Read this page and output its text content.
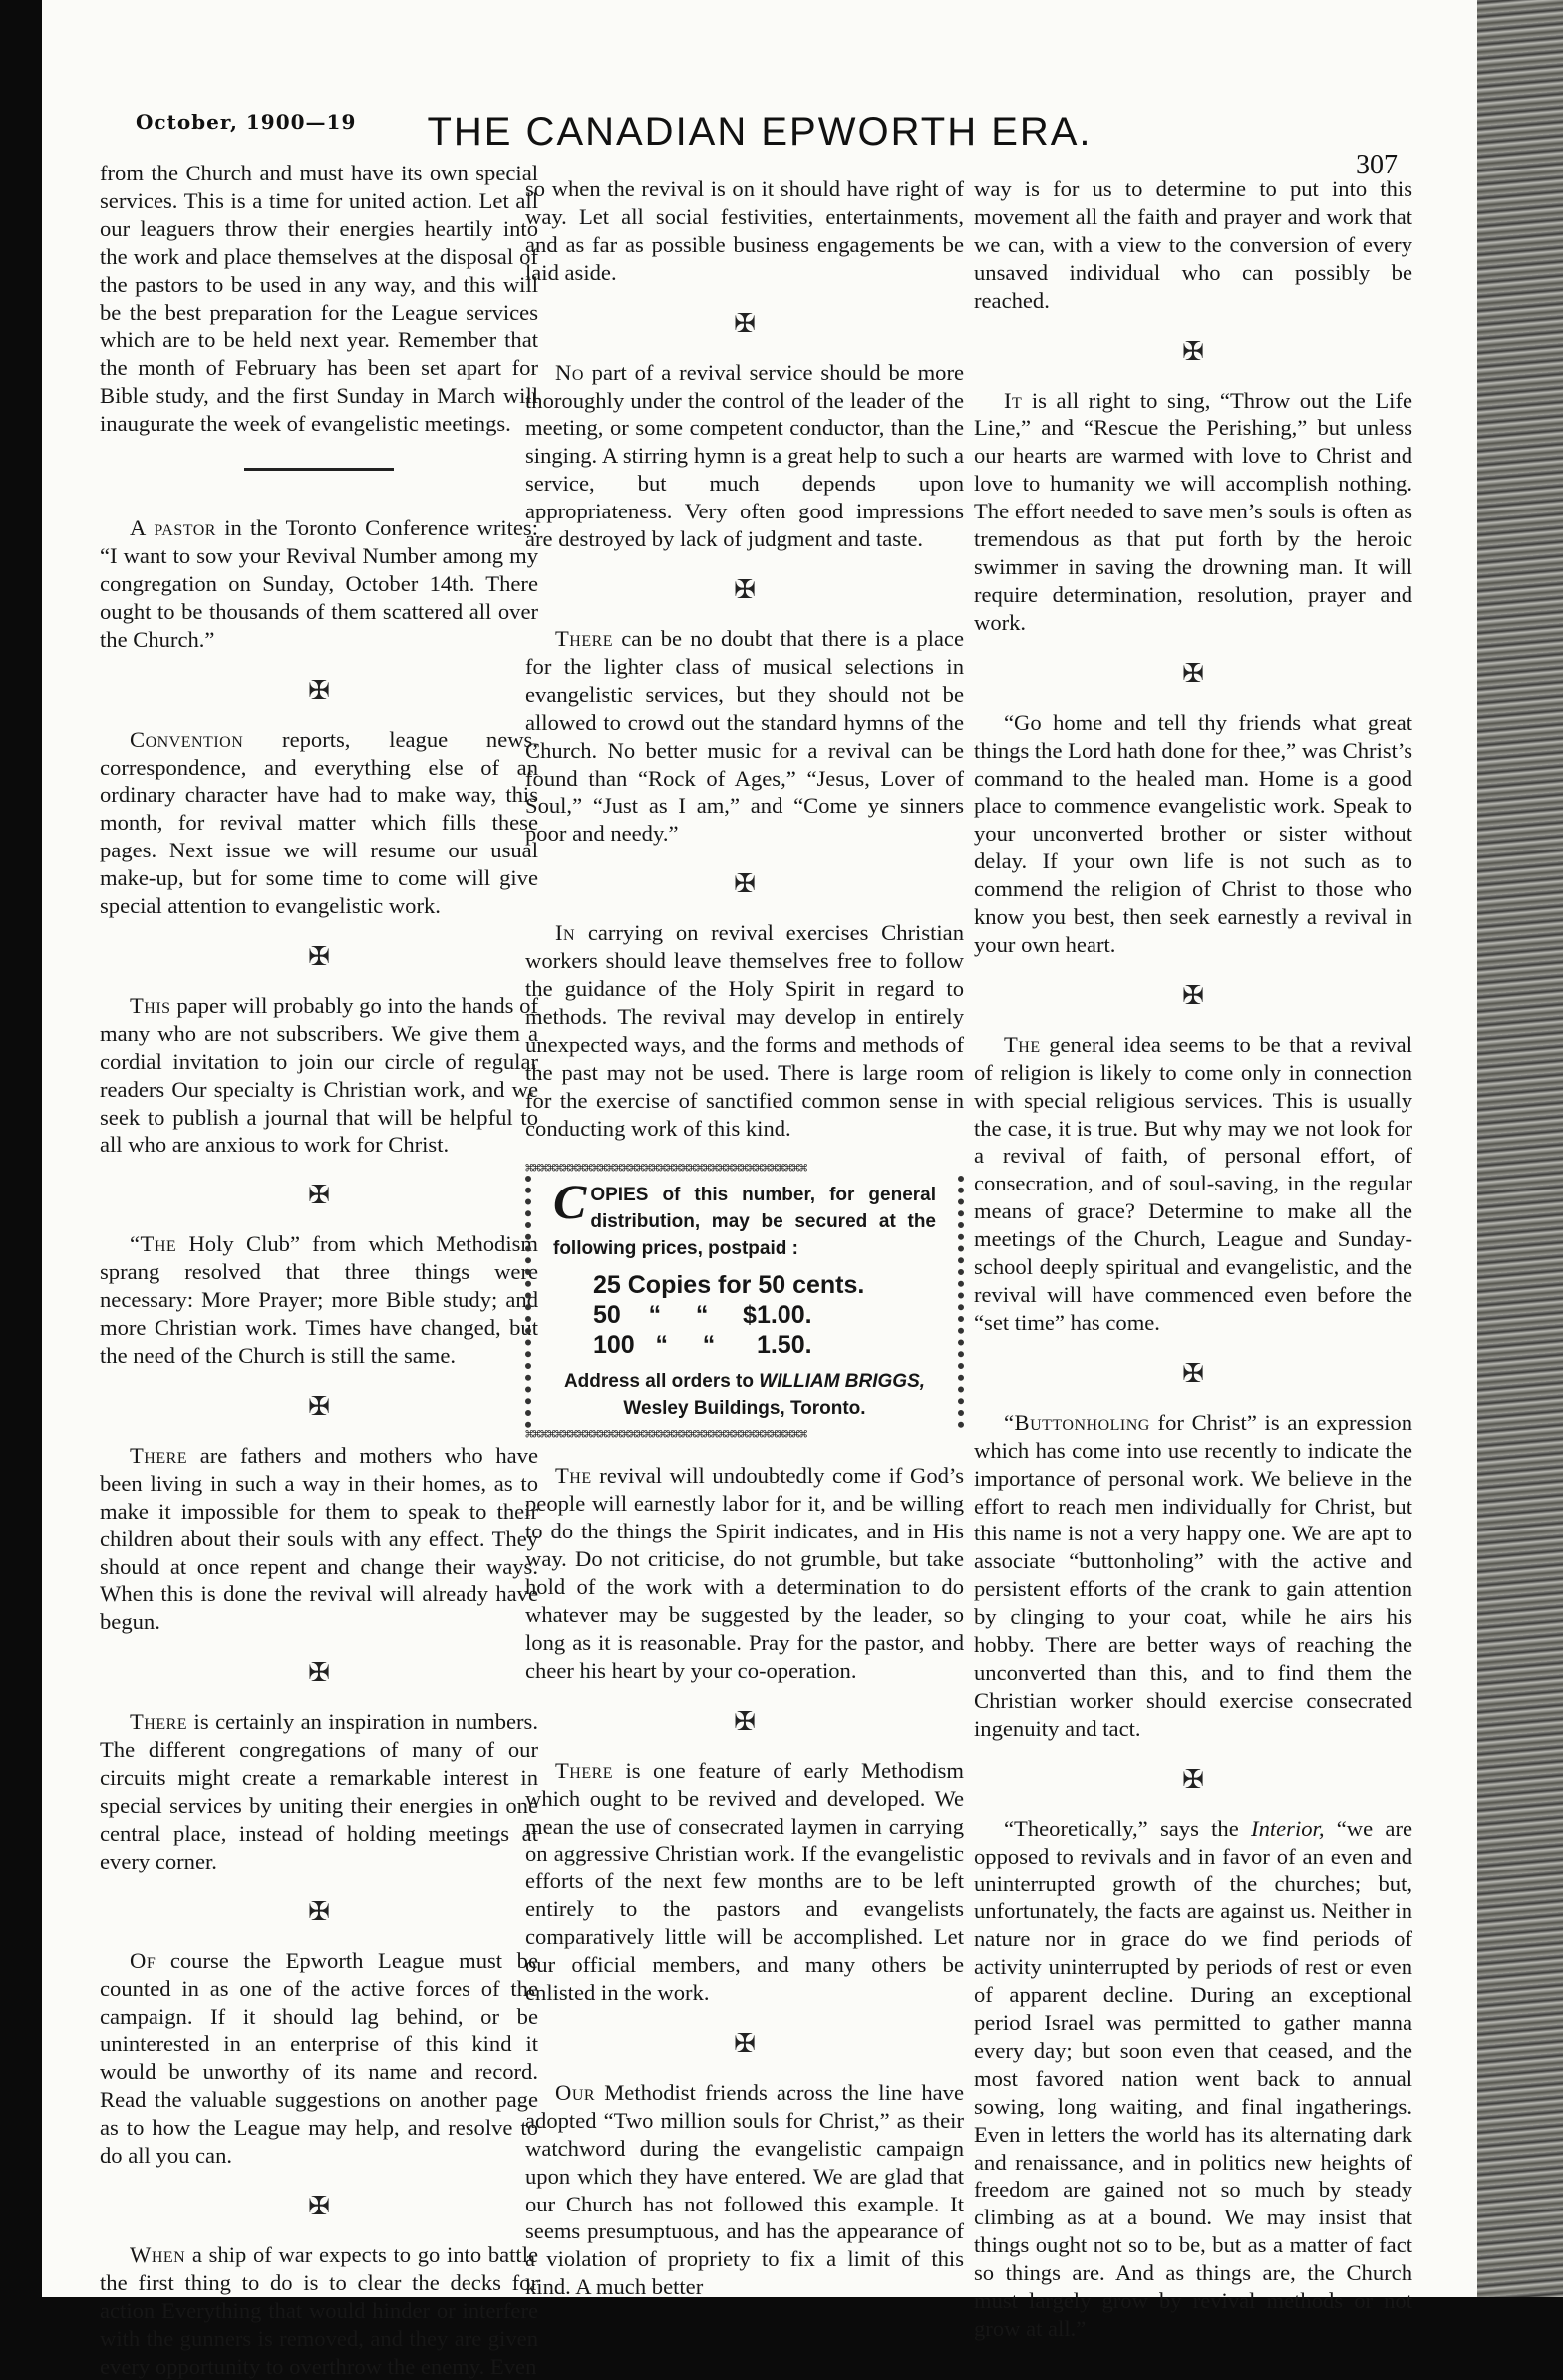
October, 1900—19	THE CANADIAN EPWORTH ERA.
307

from the Church and must have its own special services. This is a time for united action. Let all our leaguers throw their energies heartily into the work and place themselves at the disposal of the pastors to be used in any way, and this will be the best preparation for the League services which are to be held next year. Remember that the month of February has been set apart for Bible study, and the first Sunday in March will inaugurate the week of evangelistic meetings.

A pastor in the Toronto Conference writes: “I want to sow your Revival Number among my congregation on Sunday, October 14th. There ought to be thousands of them scattered all over the Church.”

✠

Convention reports, league news, correspondence, and everything else of an ordinary character have had to make way, this month, for revival matter which fills these pages. Next issue we will resume our usual make-up, but for some time to come will give special attention to evangelistic work.

✠

This paper will probably go into the hands of many who are not subscribers. We give them a cordial invitation to join our circle of regular readers Our specialty is Christian work, and we seek to publish a journal that will be helpful to all who are anxious to work for Christ.

✠

“The Holy Club” from which Methodism sprang resolved that three things were necessary: More Prayer; more Bible study; and more Christian work. Times have changed, but the need of the Church is still the same.

✠

There are fathers and mothers who have been living in such a way in their homes, as to make it impossible for them to speak to their children about their souls with any effect. They should at once repent and change their ways. When this is done the revival will already have begun.

✠

There is certainly an inspiration in numbers. The different congregations of many of our circuits might create a remarkable interest in special services by uniting their energies in one central place, instead of holding meetings at every corner.

✠

Of course the Epworth League must be counted in as one of the active forces of the campaign. If it should lag behind, or be uninterested in an enterprise of this kind it would be unworthy of its name and record. Read the valuable suggestions on another page as to how the League may help, and resolve to do all you can.

✠

When a ship of war expects to go into battle the first thing to do is to clear the decks for action Everything that would hinder or interfere with the gunners is removed, and they are given every opportunity to overthrow the enemy. Even

so when the revival is on it should have right of way. Let all social festivities, entertainments, and as far as possible business engagements be laid aside.

✠

No part of a revival service should be more thoroughly under the control of the leader of the meeting, or some competent conductor, than the singing. A stirring hymn is a great help to such a service, but much depends upon appropriateness. Very often good impressions are destroyed by lack of judgment and taste.

✠

There can be no doubt that there is a place for the lighter class of musical selections in evangelistic services, but they should not be allowed to crowd out the standard hymns of the Church. No better music for a revival can be found than “Rock of Ages,” “Jesus, Lover of Soul,” “Just as I am,” and “Come ye sinners poor and needy.”

✠

In carrying on revival exercises Christian workers should leave themselves free to follow the guidance of the Holy Spirit in regard to methods. The revival may develop in entirely unexpected ways, and the forms and methods of the past may not be used. There is large room for the exercise of sanctified common sense in conducting work of this kind.

⌘⌘⌘⌘⌘⌘⌘⌘⌘⌘⌘⌘⌘⌘⌘⌘⌘⌘⌘⌘⌘⌘⌘⌘⌘⌘⌘⌘⌘⌘⌘⌘⌘⌘⌘⌘⌘⌘
COPIES of this number, for general distribution, may be secured at the following prices, postpaid :
25 Copies for 50 cents.
50    “     “     $1.00.
100   “     “      1.50.
Address all orders to WILLIAM BRIGGS,
Wesley Buildings, Toronto.
⌘⌘⌘⌘⌘⌘⌘⌘⌘⌘⌘⌘⌘⌘⌘⌘⌘⌘⌘⌘⌘⌘⌘⌘⌘⌘⌘⌘⌘⌘⌘⌘⌘⌘⌘⌘⌘⌘

The revival will undoubtedly come if God’s people will earnestly labor for it, and be willing to do the things the Spirit indicates, and in His way. Do not criticise, do not grumble, but take hold of the work with a determination to do whatever may be suggested by the leader, so long as it is reasonable. Pray for the pastor, and cheer his heart by your co-operation.

✠

There is one feature of early Methodism which ought to be revived and developed. We mean the use of consecrated laymen in carrying on aggressive Christian work. If the evangelistic efforts of the next few months are to be left entirely to the pastors and evangelists comparatively little will be accomplished. Let our official members, and many others be enlisted in the work.

✠

Our Methodist friends across the line have adopted “Two million souls for Christ,” as their watchword during the evangelistic campaign upon which they have entered. We are glad that our Church has not followed this example. It seems presumptuous, and has the appearance of a violation of propriety to fix a limit of this kind. A much better

way is for us to determine to put into this movement all the faith and prayer and work that we can, with a view to the conversion of every unsaved individual who can possibly be reached.

✠

It is all right to sing, “Throw out the Life Line,” and “Rescue the Perishing,” but unless our hearts are warmed with love to Christ and love to humanity we will accomplish nothing. The effort needed to save men’s souls is often as tremendous as that put forth by the heroic swimmer in saving the drowning man. It will require determination, resolution, prayer and work.

✠

“Go home and tell thy friends what great things the Lord hath done for thee,” was Christ’s command to the healed man. Home is a good place to commence evangelistic work. Speak to your unconverted brother or sister without delay. If your own life is not such as to commend the religion of Christ to those who know you best, then seek earnestly a revival in your own heart.

✠

The general idea seems to be that a revival of religion is likely to come only in connection with special religious services. This is usually the case, it is true. But why may we not look for a revival of faith, of personal effort, of consecration, and of soul-saving, in the regular means of grace? Determine to make all the meetings of the Church, League and Sunday-school deeply spiritual and evangelistic, and the revival will have commenced even before the “set time” has come.

✠

“Buttonholing for Christ” is an expression which has come into use recently to indicate the importance of personal work. We believe in the effort to reach men individually for Christ, but this name is not a very happy one. We are apt to associate “buttonholing” with the active and persistent efforts of the crank to gain attention by clinging to your coat, while he airs his hobby. There are better ways of reaching the unconverted than this, and to find them the Christian worker should exercise consecrated ingenuity and tact.

✠

“Theoretically,” says the Interior, “we are opposed to revivals and in favor of an even and uninterrupted growth of the churches; but, unfortunately, the facts are against us. Neither in nature nor in grace do we find periods of activity uninterrupted by periods of rest or even of apparent decline. During an exceptional period Israel was permitted to gather manna every day; but soon even that ceased, and the most favored nation went back to annual sowing, long waiting, and final ingatherings. Even in letters the world has its alternating dark and renaissance, and in politics new heights of freedom are gained not so much by steady climbing as at a bound. We may insist that things ought not so to be, but as a matter of fact so things are. And as things are, the Church must largely grow by revival methods or not grow at all.”
